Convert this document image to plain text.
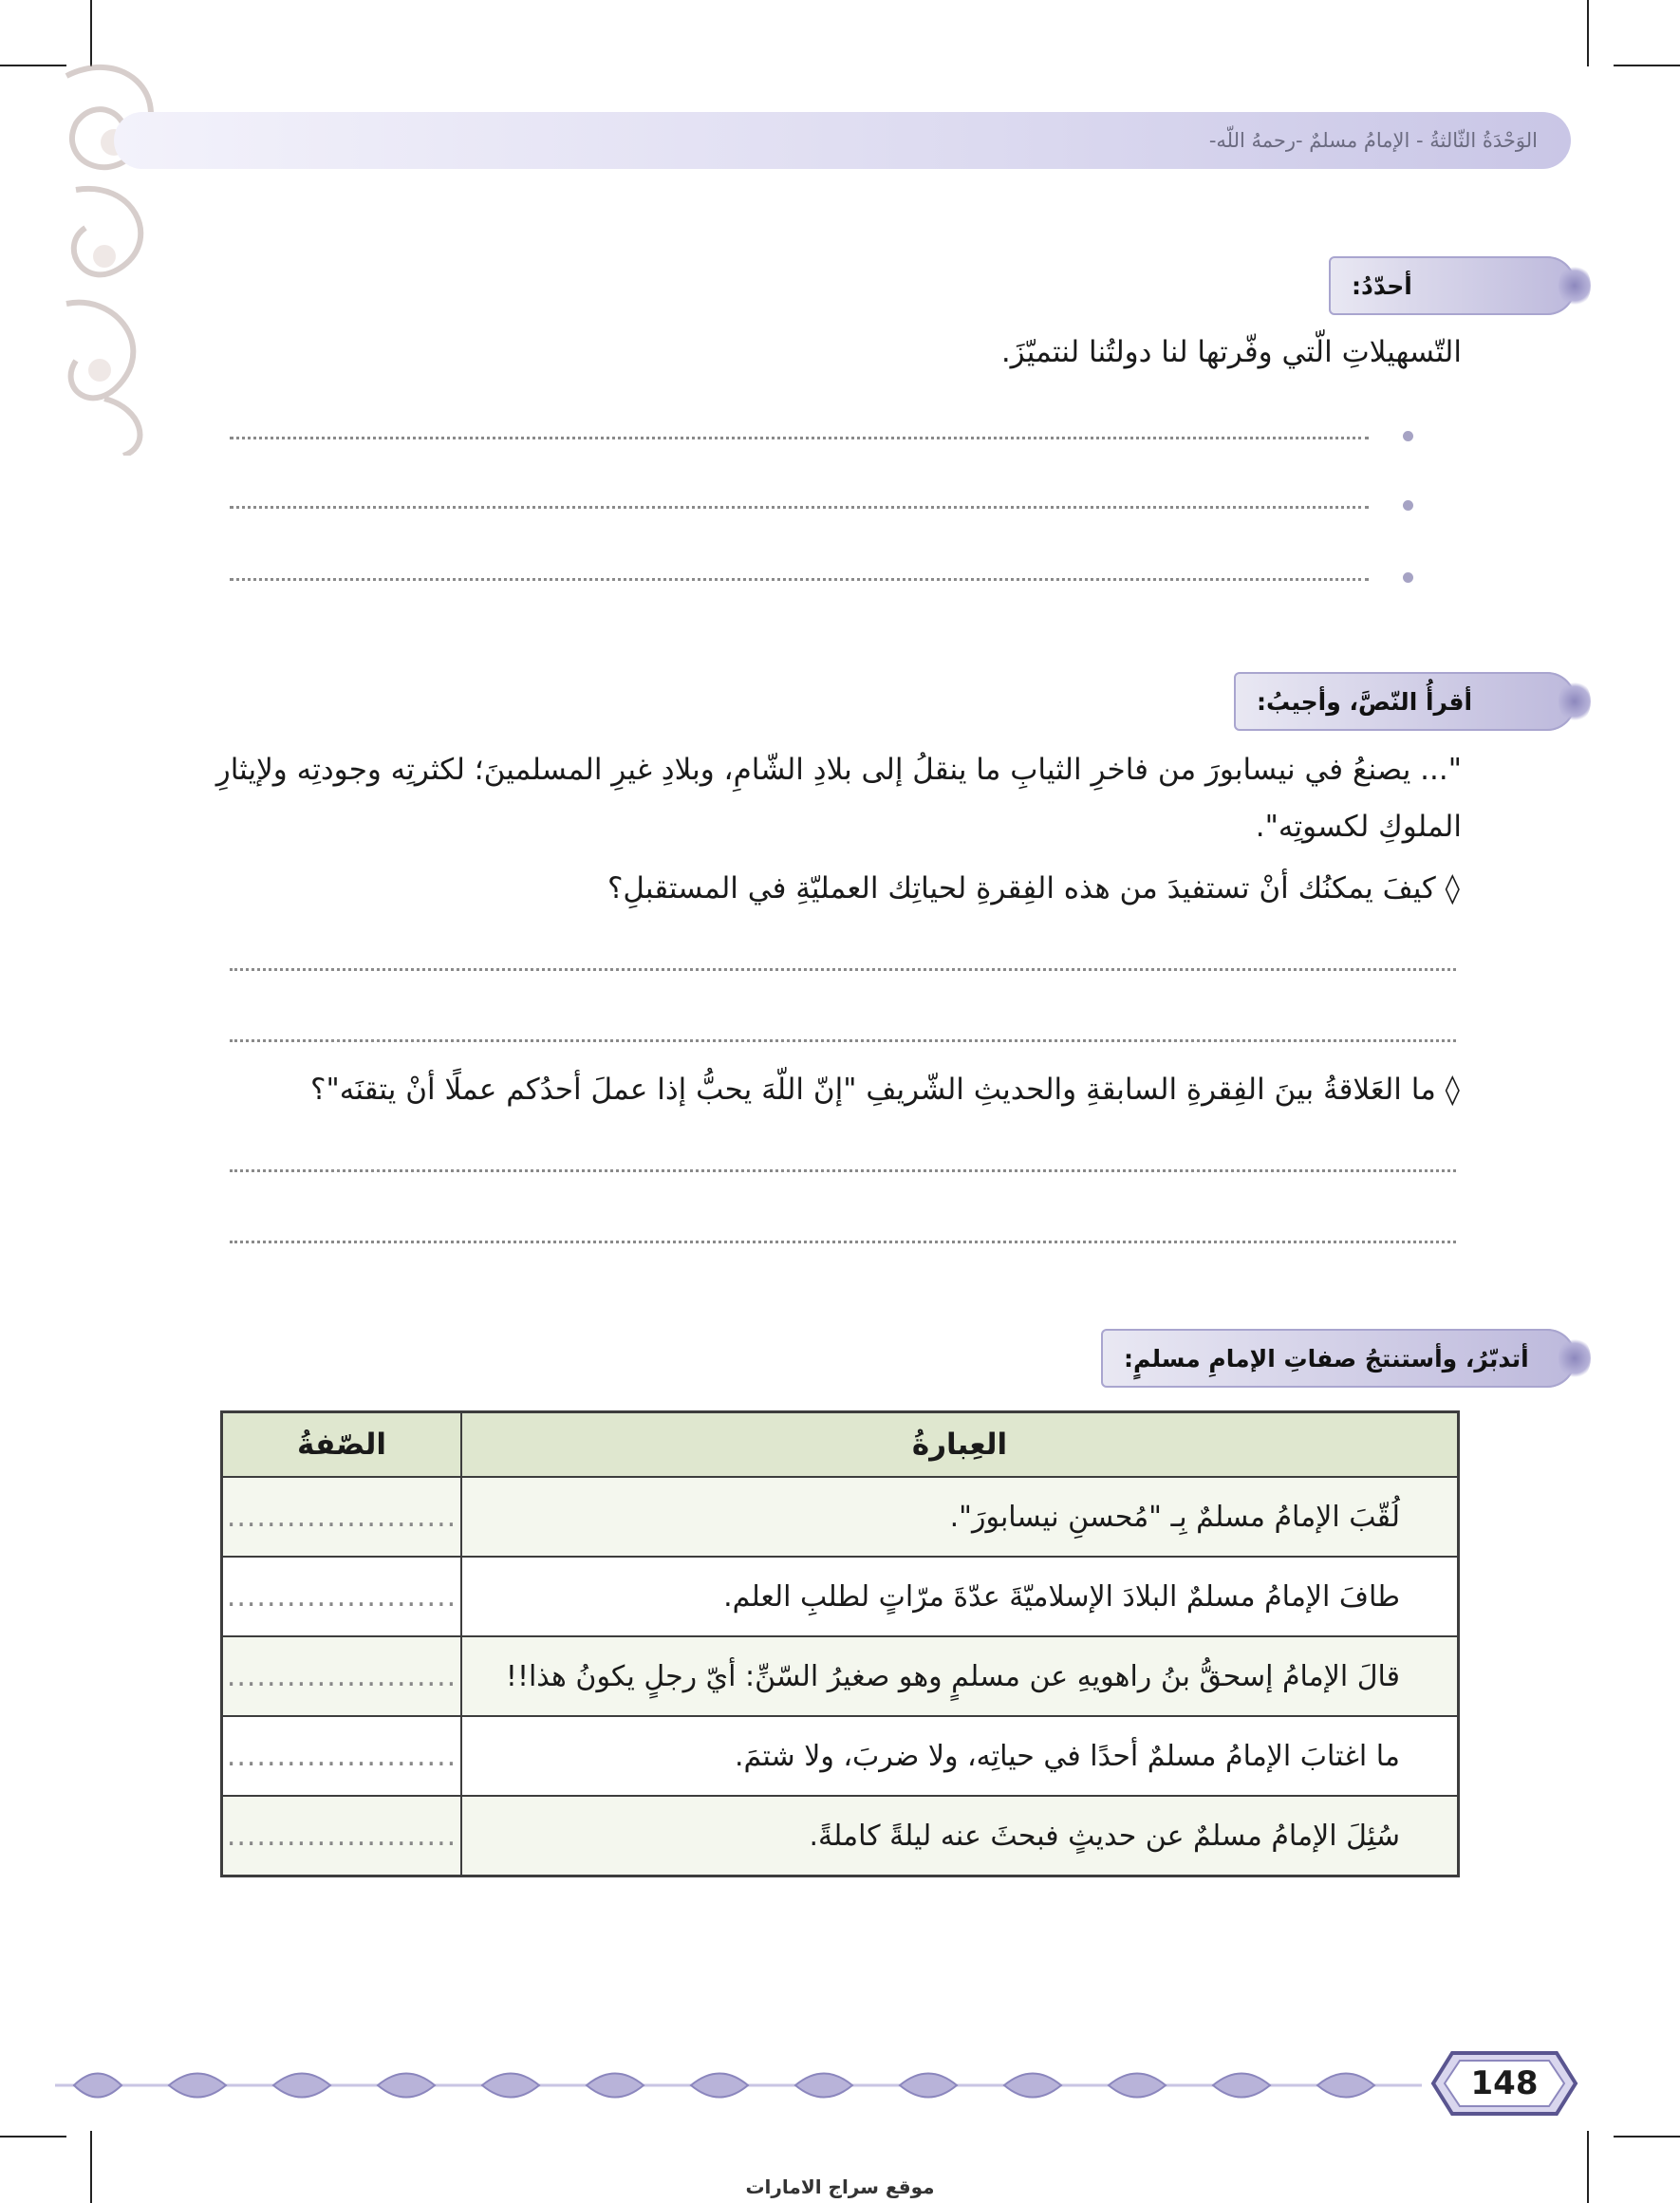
الوَحْدَةُ الثّالثةُ - الإمامُ مسلمٌ -رحمهُ اللّه-
أحدّدُ:
التّسهيلاتِ الّتي وفّرتها لنا دولتُنا لنتميّزَ.
أقرأُ النّصَّ، وأجيبُ:
"... يصنعُ في نيسابورَ من فاخرِ الثيابِ ما ينقلُ إلى بلادِ الشّامِ، وبلادِ غيرِ المسلمينَ؛ لكثرتِه وجودتِه ولإيثارِ
الملوكِ لكسوتِه".
◊ كيفَ يمكنُك أنْ تستفيدَ من هذه الفِقرةِ لحياتِك العمليّةِ في المستقبلِ؟
◊ ما العَلاقةُ بينَ الفِقرةِ السابقةِ والحديثِ الشّريفِ "إنّ اللّهَ يحبُّ إذا عملَ أحدُكم عملًا أنْ يتقنَه"؟
أتدبّرُ، وأستنتجُ صفاتِ الإمامِ مسلمٍ:
العِبارةُ	الصّفةُ
لُقّبَ الإمامُ مسلمٌ بِـ "مُحسنِ نيسابورَ".	.......................
طافَ الإمامُ مسلمٌ البلادَ الإسلاميّةَ عدّةَ مرّاتٍ لطلبِ العلم.	.......................
قالَ الإمامُ إسحقُّ بنُ راهويهِ عن مسلمٍ وهو صغيرُ السّنِّ: أيّ رجلٍ يكونُ هذا!!	.......................
ما اغتابَ الإمامُ مسلمٌ أحدًا في حياتِه، ولا ضربَ، ولا شتمَ.	.......................
سُئِلَ الإمامُ مسلمٌ عن حديثٍ فبحثَ عنه ليلةً كاملةً.	.......................
148
موقع سراج الامارات
